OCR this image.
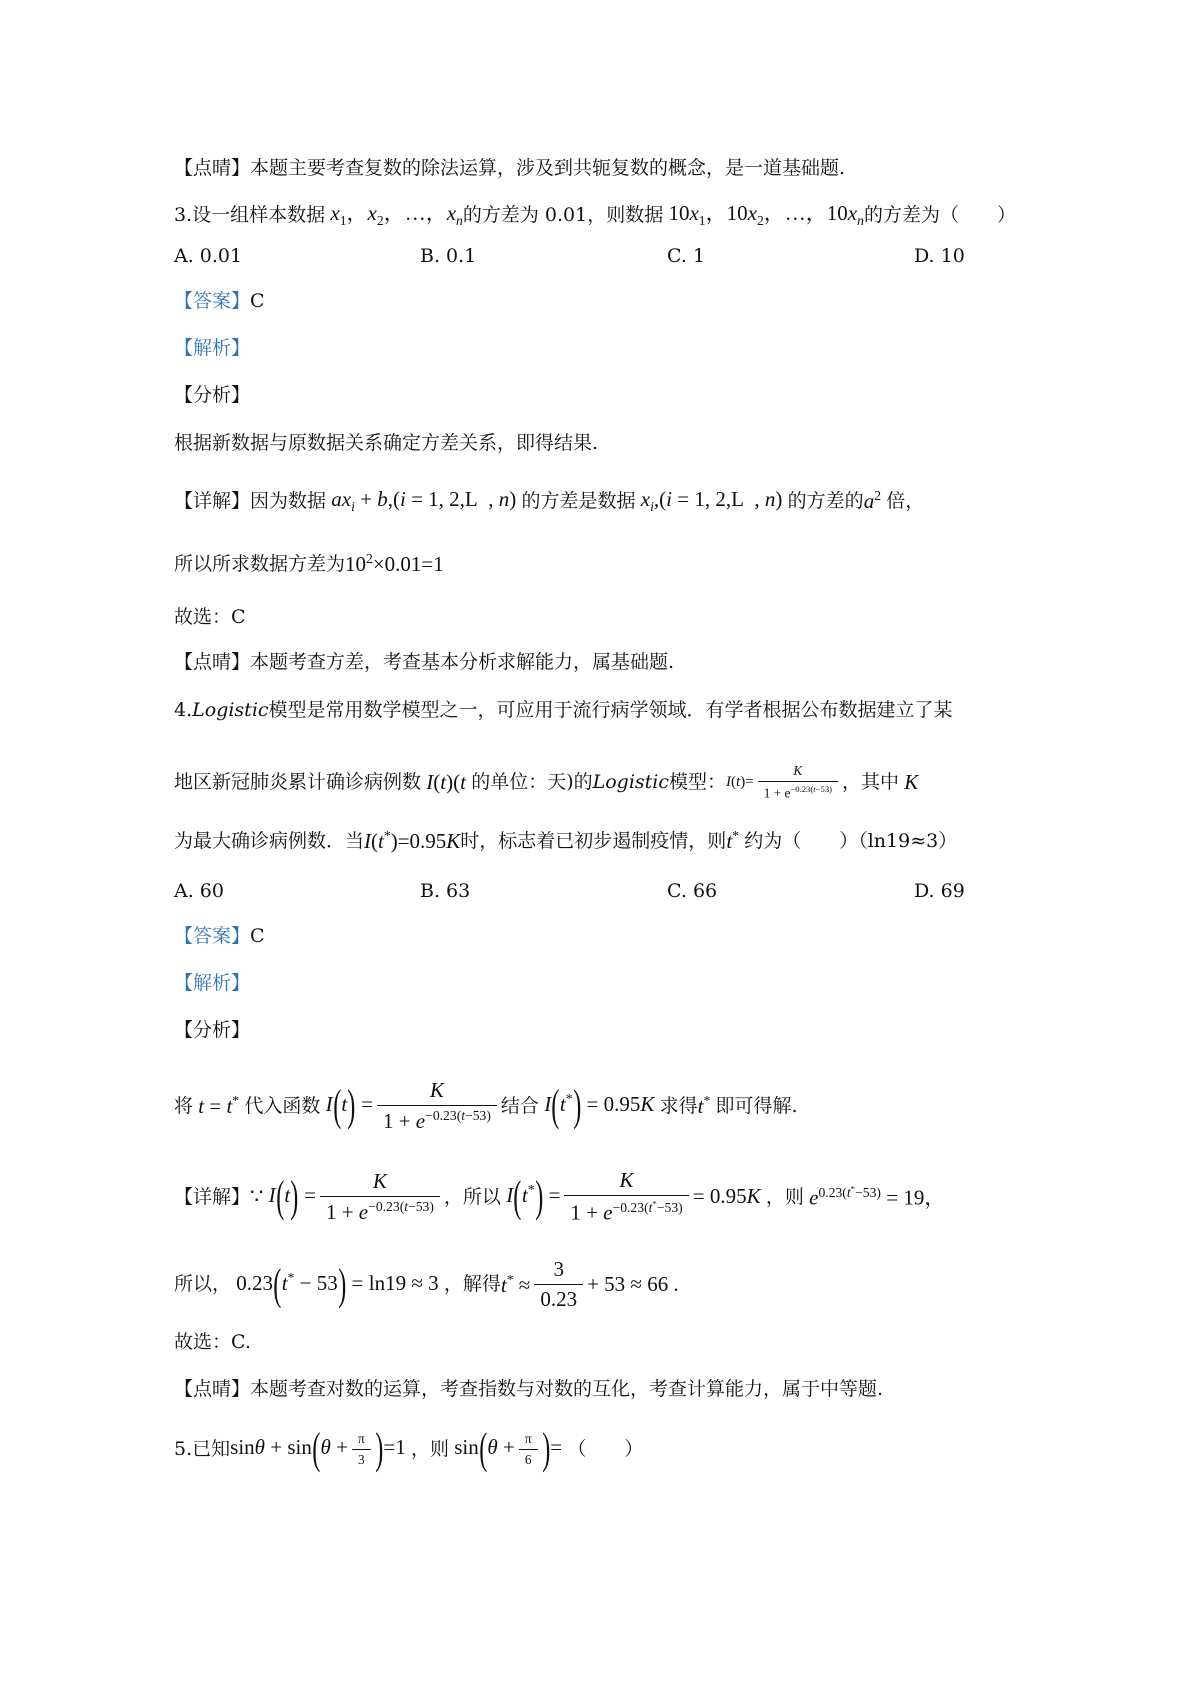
【点晴】本题主要考查复数的除法运算，涉及到共轭复数的概念，是一道基础题.
3.设一组样本数据 $x_1$，$x_2$，…，$x_n$ 的方差为 0.01，则数据 $10x_1$，$10x_2$，…，$10x_n$ 的方差为（　　）
A. 0.01	B. 0.1	C. 1	D. 10
【答案】 C
【解析】
【分析】
根据新数据与原数据关系确定方差关系，即得结果.
【详解】 因为数据 $ax_i + b,(i = 1$, 2,L  , n) 的方差是数据 $x_i,(i = 1$, 2,L  , n) 的方差的 $a^2$ 倍，
所以所求数据方差为 $10^2 \times 0.01=1$
故选：C
【点晴】本题考查方差，考查基本分析求解能力，属基础题.
4. Logistic 模型是常用数学模型之一，可应用于流行病学领域．有学者根据公布数据建立了某
地区新冠肺炎累计确诊病例数 I(t)(t 的单位：天)的 Logistic 模型： $I(t)= \frac{K}{1 + e^{-0.23(t-53)}}$ ，其中 K
为最大确诊病例数．当 I(t*) =0.95 K 时，标志着已初步遏制疫情，则 t* 约为（　　）（ln19≈3）
A. 60	B. 63	C. 66	D. 69
【答案】 C
【解析】
【分析】
将 t = t* 代入函数 $I(t) = \frac{K}{1 + e^{-0.23(t-53)}}$ 结合 I(t*) = 0.95K 求得 t* 即可得解.
【详解】 ∵ $I(t) = \frac{K}{1 + e^{-0.23(t-53)}}$ ，所以 $I(t^*) = \frac{K}{1 + e^{-0.23(t^*-53)}} = 0.95K$ ，则 $e^{0.23(t^*-53)} = 19$，
所以， 0.23(t* − 53) = ln19 ≈ 3 ，解得 $t^* \approx \frac{3}{0.23} + 53 \approx 66$ .
故选：C.
【点晴】本题考查对数的运算，考查指数与对数的互化，考查计算能力，属于中等题.
5.已知 $\sin\theta + \sin(\theta + \frac{\pi}{3} )=1$ ，则 $\sin(\theta + \frac{\pi}{6}$ )= （　　）
